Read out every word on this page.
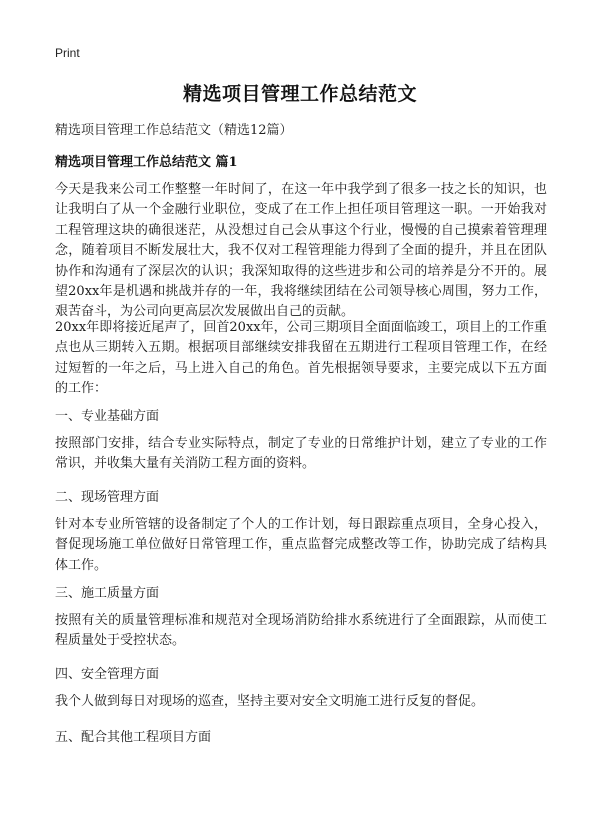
Print
精选项目管理工作总结范文
精选项目管理工作总结范文（精选12篇）
精选项目管理工作总结范文 篇1
今天是我来公司工作整整一年时间了，在这一年中我学到了很多一技之长的知识，也让我明白了从一个金融行业职位，变成了在工作上担任项目管理这一职。一开始我对工程管理这块的确很迷茫，从没想过自己会从事这个行业，慢慢的自己摸索着管理理念，随着项目不断发展壮大，我不仅对工程管理能力得到了全面的提升，并且在团队协作和沟通有了深层次的认识；我深知取得的这些进步和公司的培养是分不开的。展望20xx年是机遇和挑战并存的一年，我将继续团结在公司领导核心周围，努力工作，艰苦奋斗，为公司向更高层次发展做出自己的贡献。
20xx年即将接近尾声了，回首20xx年，公司三期项目全面面临竣工，项目上的工作重点也从三期转入五期。根据项目部继续安排我留在五期进行工程项目管理工作，在经过短暂的一年之后，马上进入自己的角色。首先根据领导要求，主要完成以下五方面的工作：
一、专业基础方面
按照部门安排，结合专业实际特点，制定了专业的日常维护计划，建立了专业的工作常识，并收集大量有关消防工程方面的资料。
二、现场管理方面
针对本专业所管辖的设备制定了个人的工作计划，每日跟踪重点项目，全身心投入，督促现场施工单位做好日常管理工作，重点监督完成整改等工作，协助完成了结构具体工作。
三、施工质量方面
按照有关的质量管理标准和规范对全现场消防给排水系统进行了全面跟踪，从而使工程质量处于受控状态。
四、安全管理方面
我个人做到每日对现场的巡查，坚持主要对安全文明施工进行反复的督促。
五、配合其他工程项目方面
